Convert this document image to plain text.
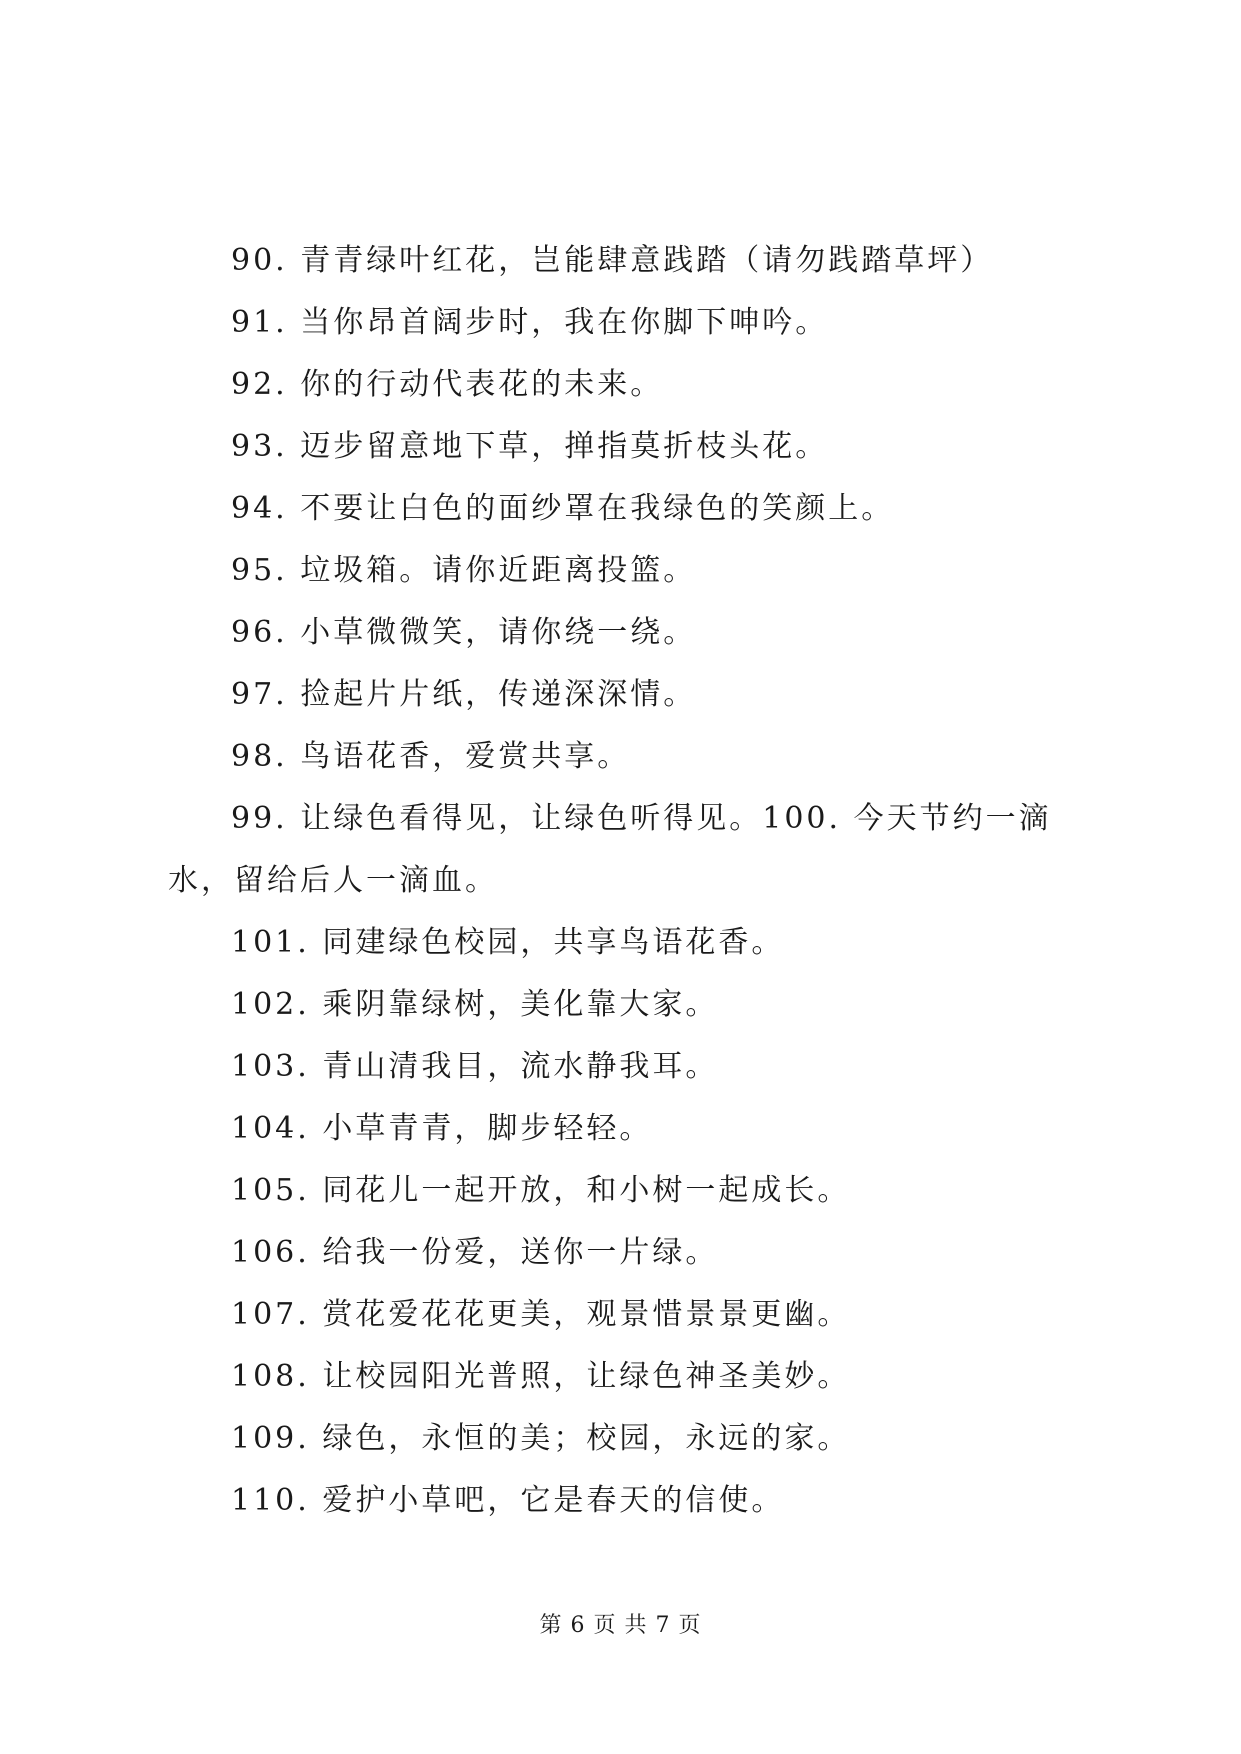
90. 青青绿叶红花，岂能肆意践踏（请勿践踏草坪）

91. 当你昂首阔步时，我在你脚下呻吟。

92. 你的行动代表花的未来。

93. 迈步留意地下草，掸指莫折枝头花。

94. 不要让白色的面纱罩在我绿色的笑颜上。

95. 垃圾箱。请你近距离投篮。

96. 小草微微笑，请你绕一绕。

97. 捡起片片纸，传递深深情。

98. 鸟语花香，爱赏共享。

99. 让绿色看得见，让绿色听得见。100. 今天节约一滴水，留给后人一滴血。

101. 同建绿色校园，共享鸟语花香。

102. 乘阴靠绿树，美化靠大家。

103. 青山清我目，流水静我耳。

104. 小草青青，脚步轻轻。

105. 同花儿一起开放，和小树一起成长。

106. 给我一份爱，送你一片绿。

107. 赏花爱花花更美，观景惜景景更幽。

108. 让校园阳光普照，让绿色神圣美妙。

109. 绿色，永恒的美；校园，永远的家。

110. 爱护小草吧，它是春天的信使。

第 6 页 共 7 页
